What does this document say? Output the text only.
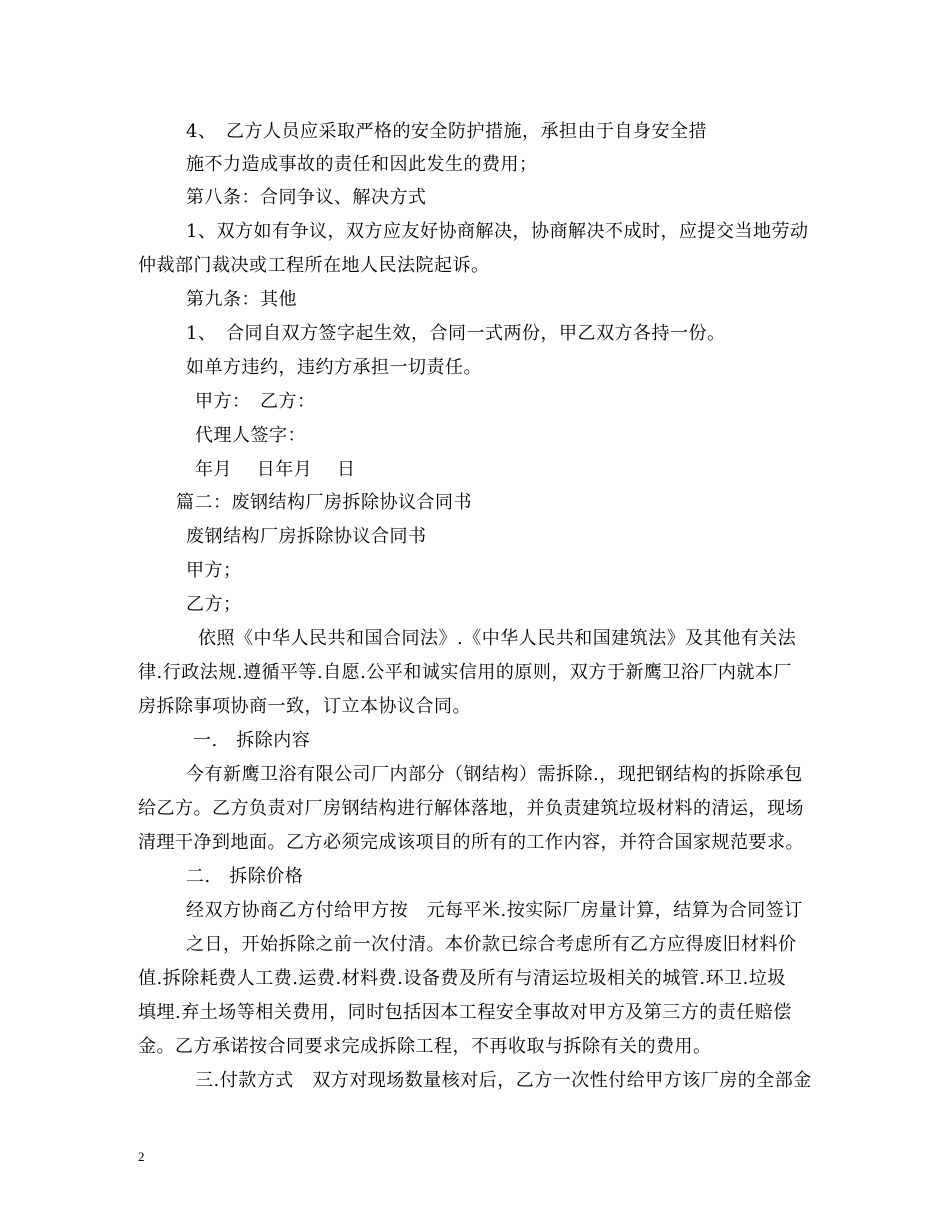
4、　乙方人员应采取严格的安全防护措施，承担由于自身安全措
施不力造成事故的责任和因此发生的费用；
第八条：合同争议、解决方式
1、双方如有争议，双方应友好协商解决，协商解决不成时，应提交当地劳动
仲裁部门裁决或工程所在地人民法院起诉。
第九条：其他
1、　合同自双方签字起生效，合同一式两份，甲乙双方各持一份。
如单方违约，违约方承担一切责任。
甲方：　乙方：
代理人签字：
年月　 日年月　 日
篇二：废钢结构厂房拆除协议合同书
废钢结构厂房拆除协议合同书
甲方；
乙方；
依照《中华人民共和国合同法》.《中华人民共和国建筑法》及其他有关法
律.行政法规.遵循平等.自愿.公平和诚实信用的原则，双方于新鹰卫浴厂内就本厂
房拆除事项协商一致，订立本协议合同。
一.　拆除内容
今有新鹰卫浴有限公司厂内部分（钢结构）需拆除.，现把钢结构的拆除承包
给乙方。乙方负责对厂房钢结构进行解体落地，并负责建筑垃圾材料的清运，现场
清理干净到地面。乙方必须完成该项目的所有的工作内容，并符合国家规范要求。
二.　拆除价格
经双方协商乙方付给甲方按　元每平米.按实际厂房量计算，结算为合同签订
之日，开始拆除之前一次付清。本价款已综合考虑所有乙方应得废旧材料价
值.拆除耗费人工费.运费.材料费.设备费及所有与清运垃圾相关的城管.环卫.垃圾
填埋.弃土场等相关费用，同时包括因本工程安全事故对甲方及第三方的责任赔偿
金。乙方承诺按合同要求完成拆除工程，不再收取与拆除有关的费用。
三.付款方式　双方对现场数量核对后，乙方一次性付给甲方该厂房的全部金
2
